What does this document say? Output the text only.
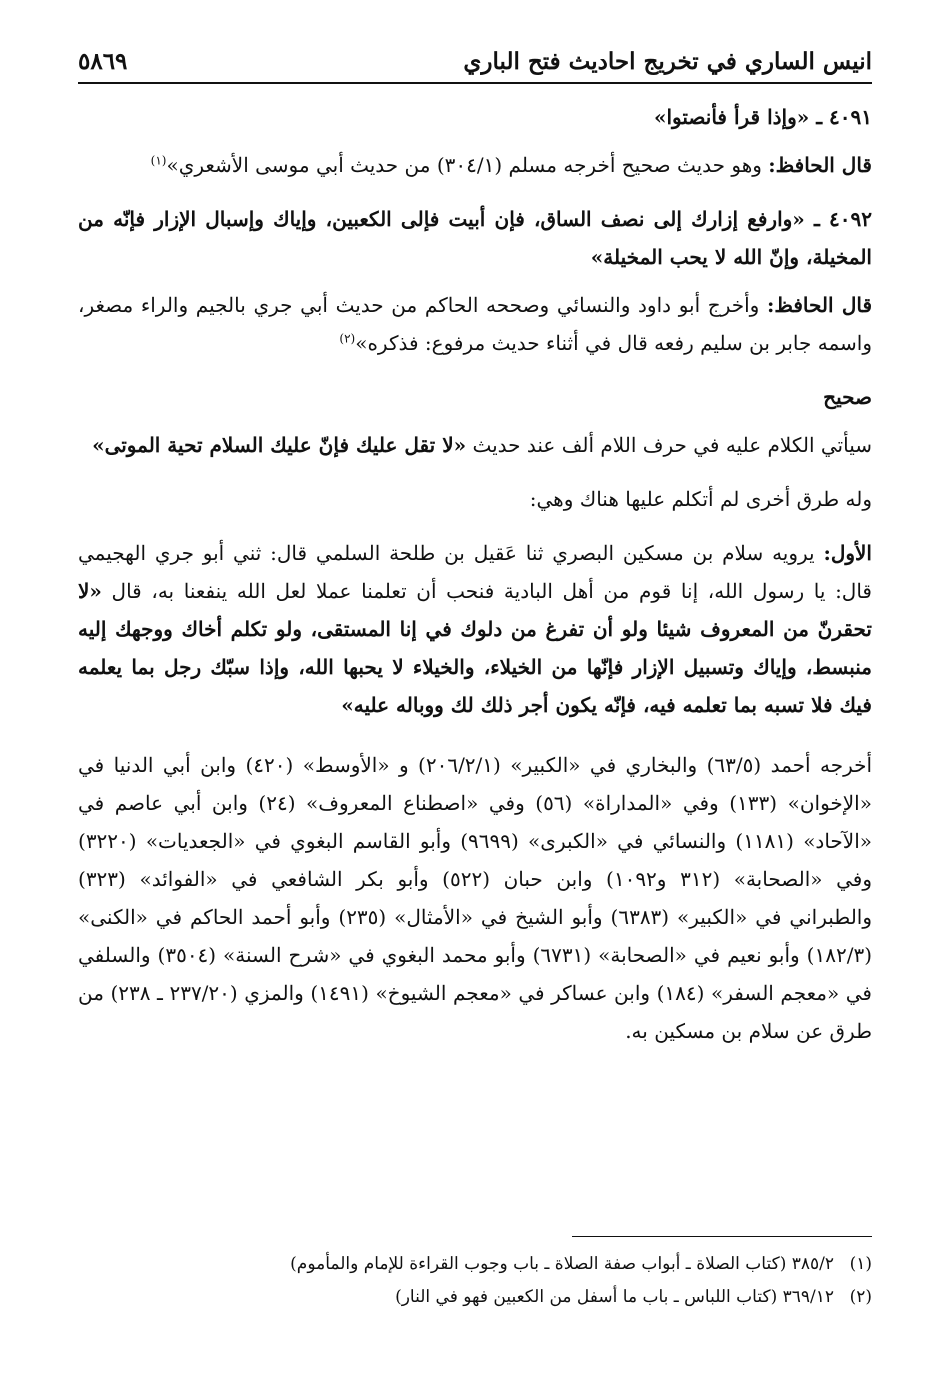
انيس الساري في تخريج احاديث فتح الباري
٥٨٦٩
٤٠٩١ ـ «وإذا قرأ فأنصتوا»
قال الحافظ: وهو حديث صحيح أخرجه مسلم (٣٠٤/١) من حديث أبي موسى الأشعري»$^{(١)}$
٤٠٩٢ ـ «وارفع إزارك إلى نصف الساق، فإن أبيت فإلى الكعبين، وإياك وإسبال الإزار فإنّه من المخيلة، وإنّ الله لا يحب المخيلة»
قال الحافظ: وأخرج أبو داود والنسائي وصححه الحاكم من حديث أبي جري بالجيم والراء مصغر، واسمه جابر بن سليم رفعه قال في أثناء حديث مرفوع: فذكره»$^{(٢)}$
صحيح
سيأتي الكلام عليه في حرف اللام ألف عند حديث «لا تقل عليك فإنّ عليك السلام تحية الموتى»
وله طرق أخرى لم أتكلم عليها هناك وهي:
الأول: يرويه سلام بن مسكين البصري ثنا عَقيل بن طلحة السلمي قال: ثني أبو جري الهجيمي قال: يا رسول الله، إنا قوم من أهل البادية فنحب أن تعلمنا عملا لعل الله ينفعنا به، قال «لا تحقرنّ من المعروف شيئا ولو أن تفرغ من دلوك في إنا المستقى، ولو تكلم أخاك ووجهك إليه منبسط، وإياك وتسبيل الإزار فإنّها من الخيلاء، والخيلاء لا يحبها الله، وإذا سبّك رجل بما يعلمه فيك فلا تسبه بما تعلمه فيه، فإنّه يكون أجر ذلك لك ووباله عليه»
أخرجه أحمد (٦٣/٥) والبخاري في «الكبير» (٢٠٦/٢/١) و «الأوسط» (٤٢٠) وابن أبي الدنيا في «الإخوان» (١٣٣) وفي «المداراة» (٥٦) وفي «اصطناع المعروف» (٢٤) وابن أبي عاصم في «الآحاد» (١١٨١) والنسائي في «الكبرى» (٩٦٩٩) وأبو القاسم البغوي في «الجعديات» (٣٢٢٠) وفي «الصحابة» (٣١٢ و١٠٩٢) وابن حبان (٥٢٢) وأبو بكر الشافعي في «الفوائد» (٣٢٣) والطبراني في «الكبير» (٦٣٨٣) وأبو الشيخ في «الأمثال» (٢٣٥) وأبو أحمد الحاكم في «الكنى» (١٨٢/٣) وأبو نعيم في «الصحابة» (٦٧٣١) وأبو محمد البغوي في «شرح السنة» (٣٥٠٤) والسلفي في «معجم السفر» (١٨٤) وابن عساكر في «معجم الشيوخ» (١٤٩١) والمزي (٢٣٧/٢٠ ـ ٢٣٨) من طرق عن سلام بن مسكين به.
(١)٣٨٥/٢ (كتاب الصلاة ـ أبواب صفة الصلاة ـ باب وجوب القراءة للإمام والمأموم)
(٢)٣٦٩/١٢ (كتاب اللباس ـ باب ما أسفل من الكعبين فهو في النار)
